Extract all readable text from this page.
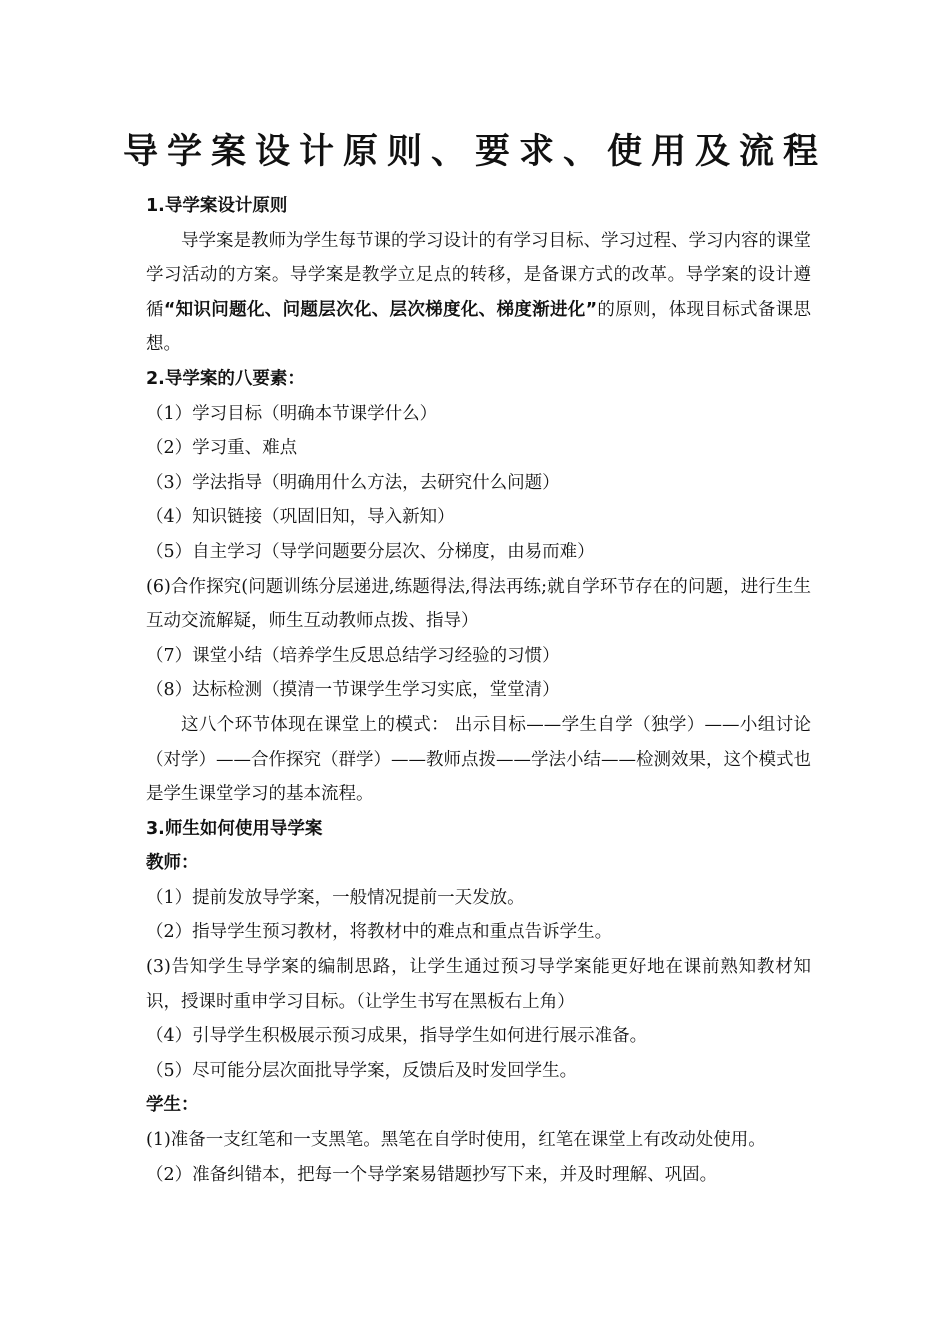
导学案设计原则、要求、使用及流程

1.导学案设计原则

导学案是教师为学生每节课的学习设计的有学习目标、学习过程、学习内容的课堂学习活动的方案。导学案是教学立足点的转移，是备课方式的改革。导学案的设计遵循“知识问题化、问题层次化、层次梯度化、梯度渐进化”的原则，体现目标式备课思想。

2.导学案的八要素：

（1）学习目标（明确本节课学什么）

（2）学习重、难点

（3）学法指导（明确用什么方法，去研究什么问题）

（4）知识链接（巩固旧知，导入新知）

（5）自主学习（导学问题要分层次、分梯度，由易而难）

(6)合作探究(问题训练分层递进,练题得法,得法再练;就自学环节存在的问题，进行生生互动交流解疑，师生互动教师点拨、指导）

（7）课堂小结（培养学生反思总结学习经验的习惯）

（8）达标检测（摸清一节课学生学习实底，堂堂清）

这八个环节体现在课堂上的模式： 出示目标——学生自学（独学）——小组讨论（对学）——合作探究（群学）——教师点拨——学法小结——检测效果，这个模式也是学生课堂学习的基本流程。

3.师生如何使用导学案

教师：

（1）提前发放导学案，一般情况提前一天发放。

（2）指导学生预习教材，将教材中的难点和重点告诉学生。

(3)告知学生导学案的编制思路，让学生通过预习导学案能更好地在课前熟知教材知识，授课时重申学习目标。（让学生书写在黑板右上角）

（4）引导学生积极展示预习成果，指导学生如何进行展示准备。

（5）尽可能分层次面批导学案，反馈后及时发回学生。

学生：

(1)准备一支红笔和一支黑笔。黑笔在自学时使用，红笔在课堂上有改动处使用。

（2）准备纠错本，把每一个导学案易错题抄写下来，并及时理解、巩固。
